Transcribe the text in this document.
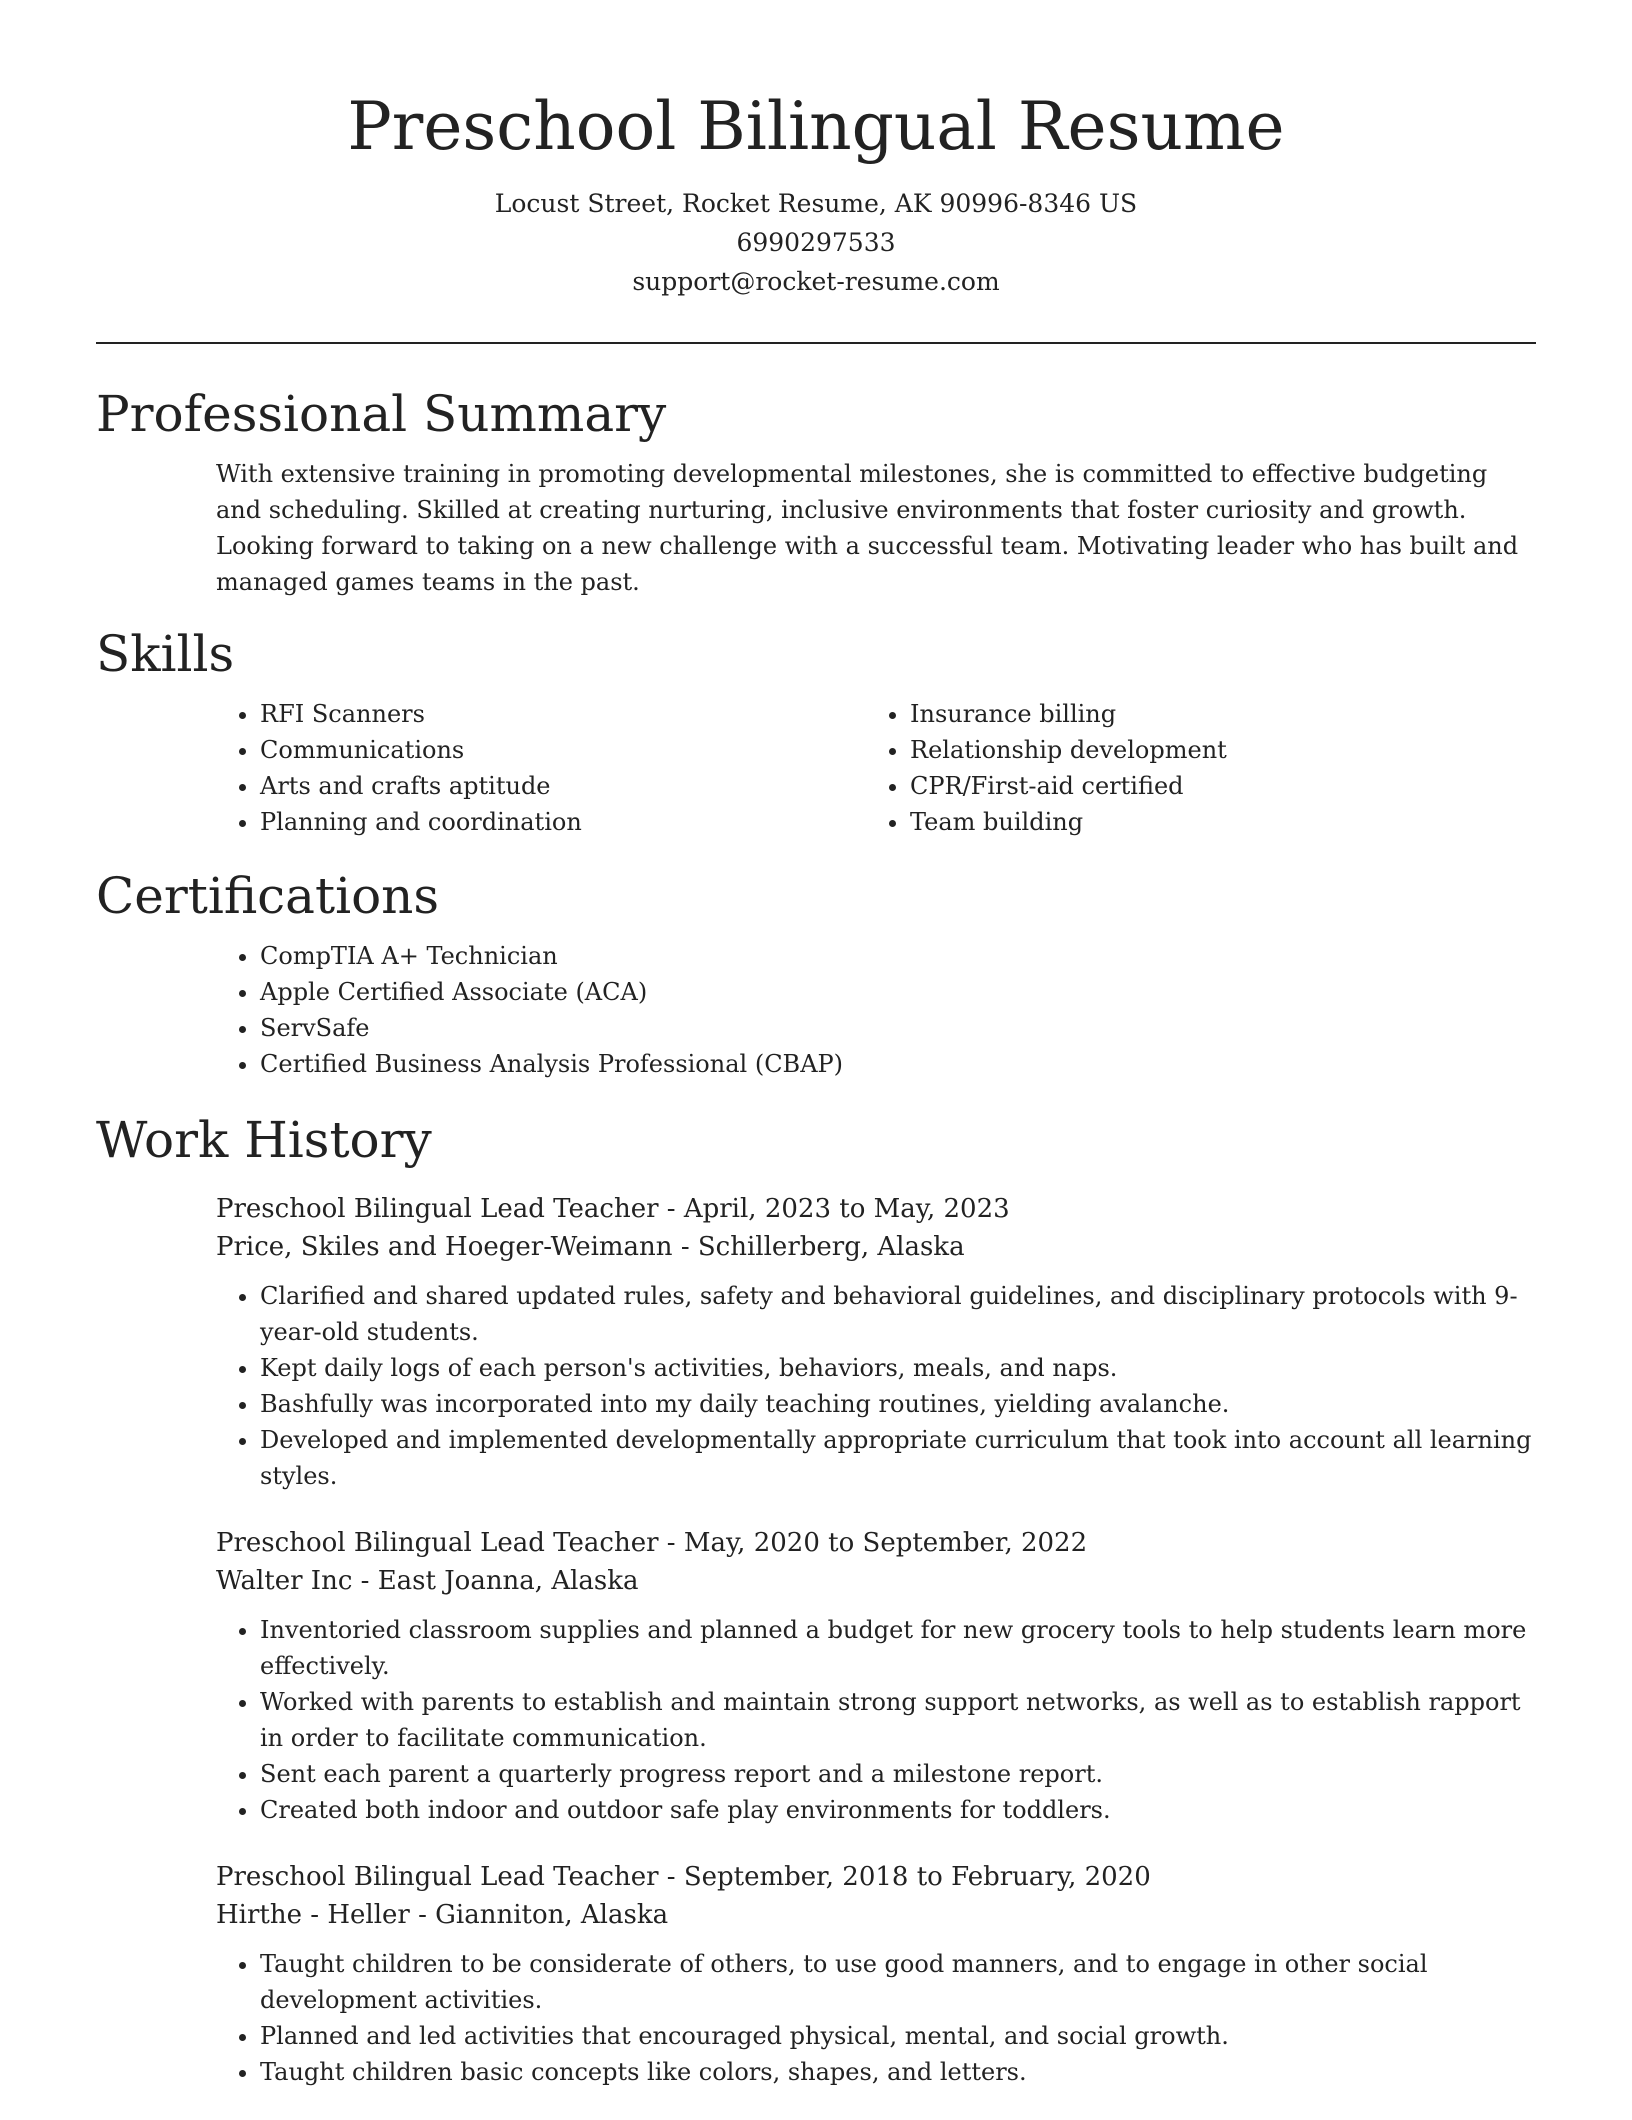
Preschool Bilingual Resume
Locust Street, Rocket Resume, AK 90996-8346 US
6990297533
support@rocket-resume.com
Professional Summary

With extensive training in promoting developmental milestones, she is committed to effective budgeting and scheduling. Skilled at creating nurturing, inclusive environments that foster curiosity and growth. Looking forward to taking on a new challenge with a successful team. Motivating leader who has built and managed games teams in the past.

Skills
• RFI Scanners
• Communications
• Arts and crafts aptitude
• Planning and coordination
• Insurance billing
• Relationship development
• CPR/First-aid certified
• Team building
Certifications
• CompTIA A+ Technician
• Apple Certified Associate (ACA)
• ServSafe
• Certified Business Analysis Professional (CBAP)
Work History
Preschool Bilingual Lead Teacher - April, 2023 to May, 2023
Price, Skiles and Hoeger-Weimann - Schillerberg, Alaska
• Clarified and shared updated rules, safety and behavioral guidelines, and disciplinary protocols with 9-year-old students.
• Kept daily logs of each person's activities, behaviors, meals, and naps.
• Bashfully was incorporated into my daily teaching routines, yielding avalanche.
• Developed and implemented developmentally appropriate curriculum that took into account all learning styles.
Preschool Bilingual Lead Teacher - May, 2020 to September, 2022
Walter Inc - East Joanna, Alaska
• Inventoried classroom supplies and planned a budget for new grocery tools to help students learn more effectively.
• Worked with parents to establish and maintain strong support networks, as well as to establish rapport in order to facilitate communication.
• Sent each parent a quarterly progress report and a milestone report.
• Created both indoor and outdoor safe play environments for toddlers.
Preschool Bilingual Lead Teacher - September, 2018 to February, 2020
Hirthe - Heller - Gianniton, Alaska
• Taught children to be considerate of others, to use good manners, and to engage in other social development activities.
• Planned and led activities that encouraged physical, mental, and social growth.
• Taught children basic concepts like colors, shapes, and letters.
